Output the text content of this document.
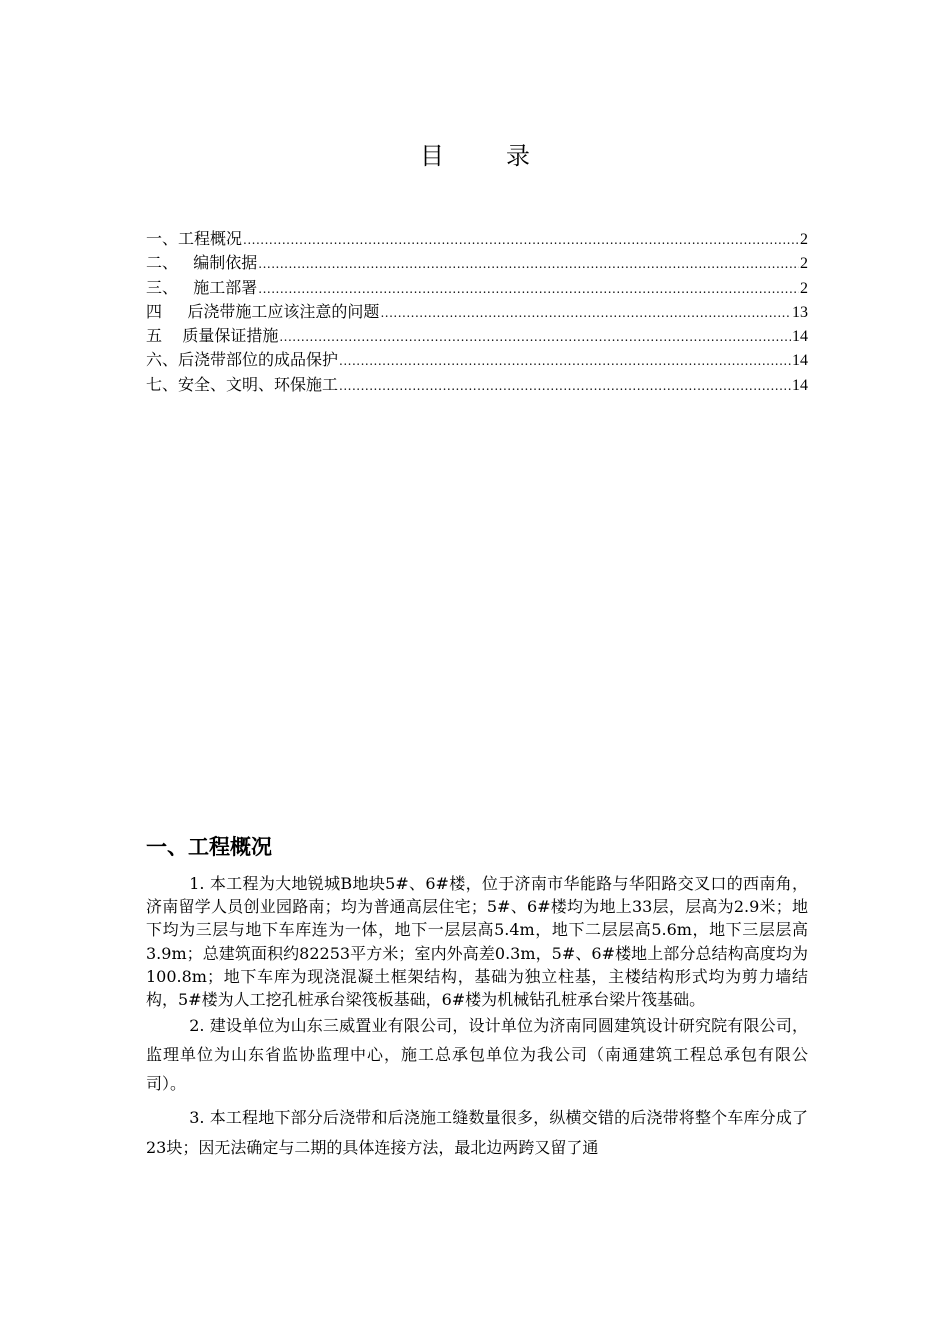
目	录
一、工程概况 .....	2
二、   编制依据 .....	2
三、   施工部署 .....	2
四     后浇带施工应该注意的问题 .....	13
五    质量保证措施 .....	14
六、后浇带部位的成品保护 .....	14
七、安全、文明、环保施工 .....	14
一、工程概况

1. 本工程为大地锐城B地块5#、6#楼，位于济南市华能路与华阳路交叉口的西南角，济南留学人员创业园路南；均为普通高层住宅；5#、6#楼均为地上33层，层高为2.9米；地下均为三层与地下车库连为一体，地下一层层高5.4m，地下二层层高5.6m，地下三层层高3.9m；总建筑面积约82253平方米；室内外高差0.3m，5#、6#楼地上部分总结构高度均为100.8m；地下车库为现浇混凝土框架结构，基础为独立柱基，主楼结构形式均为剪力墙结构，5#楼为人工挖孔桩承台梁筏板基础，6#楼为机械钻孔桩承台梁片筏基础。

2. 建设单位为山东三威置业有限公司，设计单位为济南同圆建筑设计研究院有限公司，监理单位为山东省监协监理中心，施工总承包单位为我公司（南通建筑工程总承包有限公司）。

3. 本工程地下部分后浇带和后浇施工缝数量很多，纵横交错的后浇带将整个车库分成了23块；因无法确定与二期的具体连接方法，最北边两跨又留了通
